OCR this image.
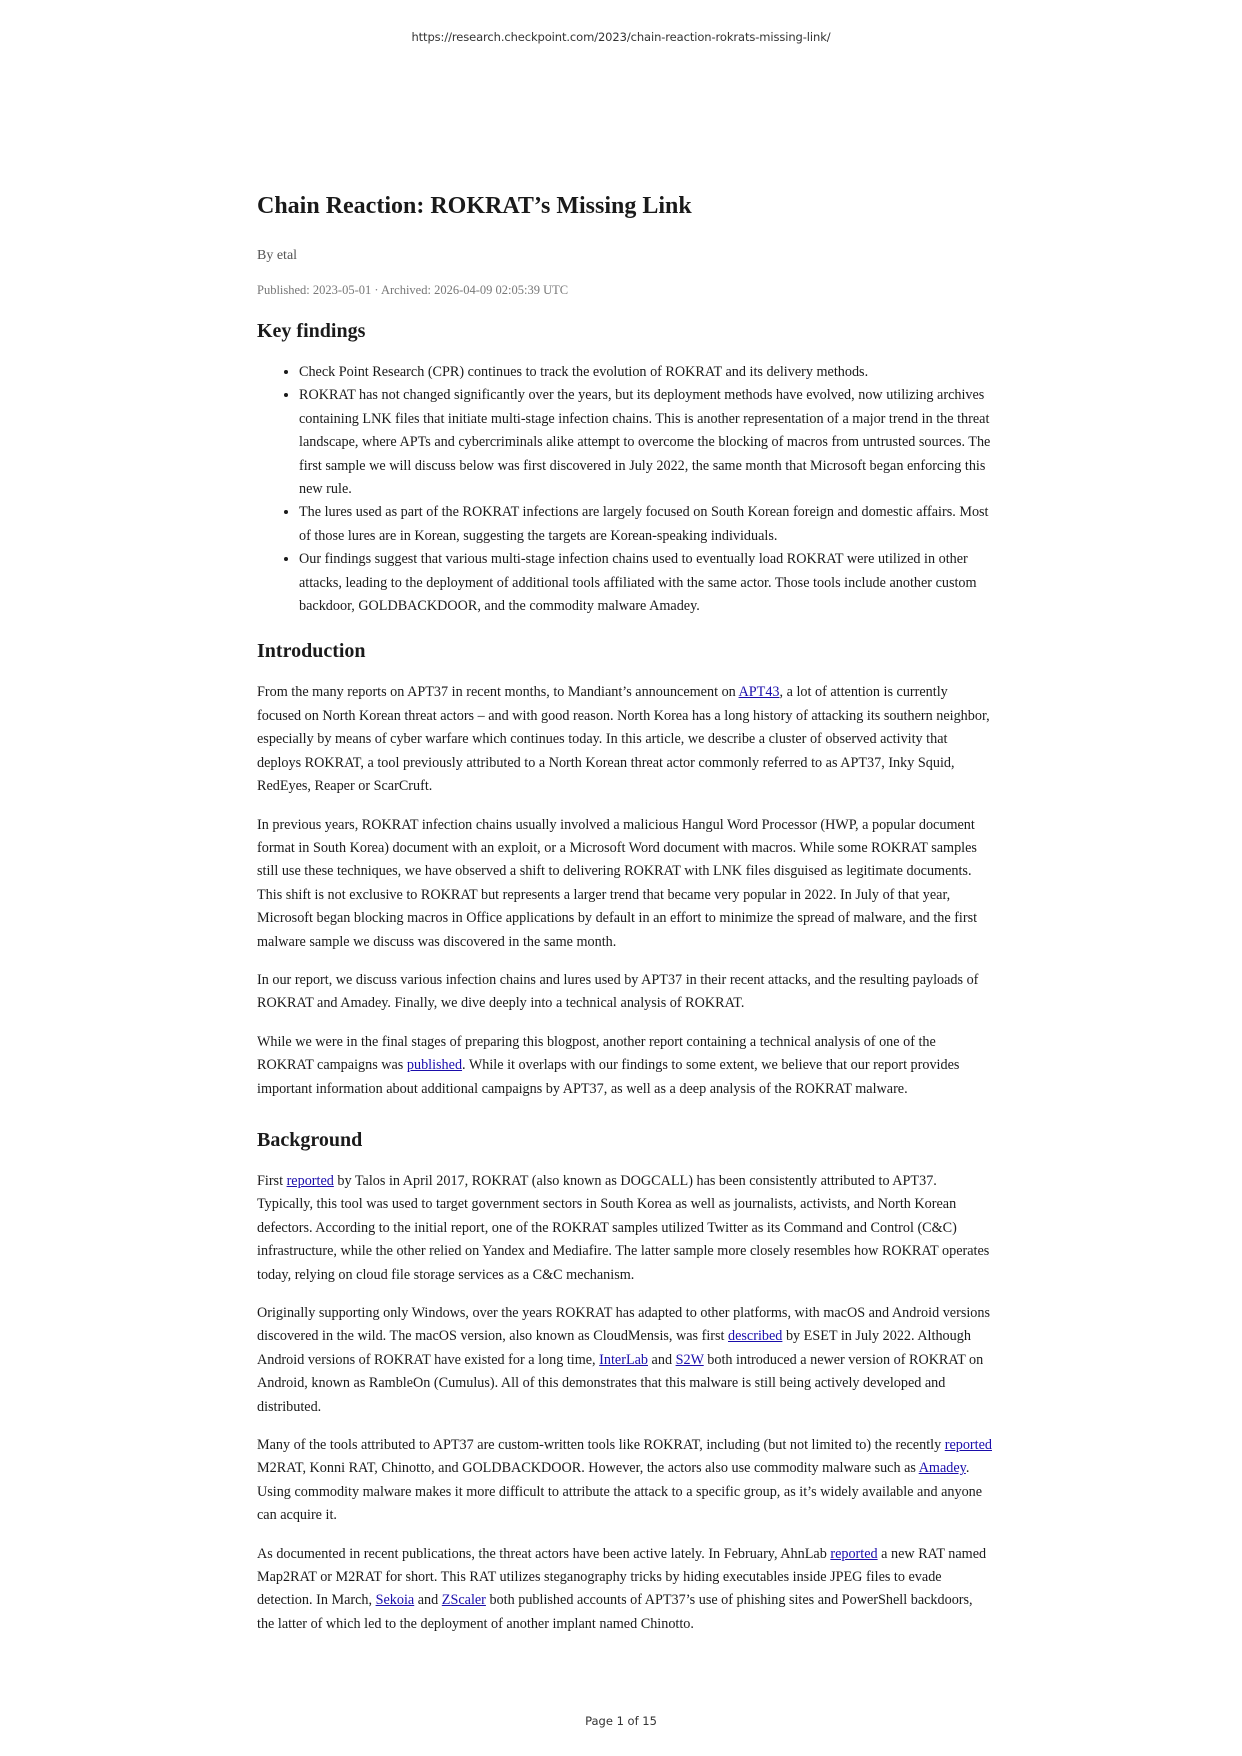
https://research.checkpoint.com/2023/chain-reaction-rokrats-missing-link/
Chain Reaction: ROKRAT’s Missing Link
By etal
Published: 2023-05-01 · Archived: 2026-04-09 02:05:39 UTC
Key findings
• Check Point Research (CPR) continues to track the evolution of ROKRAT and its delivery methods.
• ROKRAT has not changed significantly over the years, but its deployment methods have evolved, now utilizing archives containing LNK files that initiate multi-stage infection chains. This is another representation of a major trend in the threat landscape, where APTs and cybercriminals alike attempt to overcome the blocking of macros from untrusted sources. The first sample we will discuss below was first discovered in July 2022, the same month that Microsoft began enforcing this new rule.
• The lures used as part of the ROKRAT infections are largely focused on South Korean foreign and domestic affairs. Most of those lures are in Korean, suggesting the targets are Korean-speaking individuals.
• Our findings suggest that various multi-stage infection chains used to eventually load ROKRAT were utilized in other attacks, leading to the deployment of additional tools affiliated with the same actor. Those tools include another custom backdoor, GOLDBACKDOOR, and the commodity malware Amadey.
Introduction

From the many reports on APT37 in recent months, to Mandiant’s announcement on APT43, a lot of attention is currently focused on North Korean threat actors – and with good reason. North Korea has a long history of attacking its southern neighbor, especially by means of cyber warfare which continues today. In this article, we describe a cluster of observed activity that deploys ROKRAT, a tool previously attributed to a North Korean threat actor commonly referred to as APT37, Inky Squid, RedEyes, Reaper or ScarCruft.

In previous years, ROKRAT infection chains usually involved a malicious Hangul Word Processor (HWP, a popular document format in South Korea) document with an exploit, or a Microsoft Word document with macros. While some ROKRAT samples still use these techniques, we have observed a shift to delivering ROKRAT with LNK files disguised as legitimate documents. This shift is not exclusive to ROKRAT but represents a larger trend that became very popular in 2022. In July of that year, Microsoft began blocking macros in Office applications by default in an effort to minimize the spread of malware, and the first malware sample we discuss was discovered in the same month.

In our report, we discuss various infection chains and lures used by APT37 in their recent attacks, and the resulting payloads of ROKRAT and Amadey. Finally, we dive deeply into a technical analysis of ROKRAT.

While we were in the final stages of preparing this blogpost, another report containing a technical analysis of one of the ROKRAT campaigns was published. While it overlaps with our findings to some extent, we believe that our report provides important information about additional campaigns by APT37, as well as a deep analysis of the ROKRAT malware.

Background

First reported by Talos in April 2017, ROKRAT (also known as DOGCALL) has been consistently attributed to APT37. Typically, this tool was used to target government sectors in South Korea as well as journalists, activists, and North Korean defectors. According to the initial report, one of the ROKRAT samples utilized Twitter as its Command and Control (C&C) infrastructure, while the other relied on Yandex and Mediafire. The latter sample more closely resembles how ROKRAT operates today, relying on cloud file storage services as a C&C mechanism.

Originally supporting only Windows, over the years ROKRAT has adapted to other platforms, with macOS and Android versions discovered in the wild. The macOS version, also known as CloudMensis, was first described by ESET in July 2022. Although Android versions of ROKRAT have existed for a long time, InterLab and S2W both introduced a newer version of ROKRAT on Android, known as RambleOn (Cumulus). All of this demonstrates that this malware is still being actively developed and distributed.

Many of the tools attributed to APT37 are custom-written tools like ROKRAT, including (but not limited to) the recently reported M2RAT, Konni RAT, Chinotto, and GOLDBACKDOOR. However, the actors also use commodity malware such as Amadey. Using commodity malware makes it more difficult to attribute the attack to a specific group, as it’s widely available and anyone can acquire it.

As documented in recent publications, the threat actors have been active lately. In February, AhnLab reported a new RAT named Map2RAT or M2RAT for short. This RAT utilizes steganography tricks by hiding executables inside JPEG files to evade detection. In March, Sekoia and ZScaler both published accounts of APT37’s use of phishing sites and PowerShell backdoors, the latter of which led to the deployment of another implant named Chinotto.

Page 1 of 15
